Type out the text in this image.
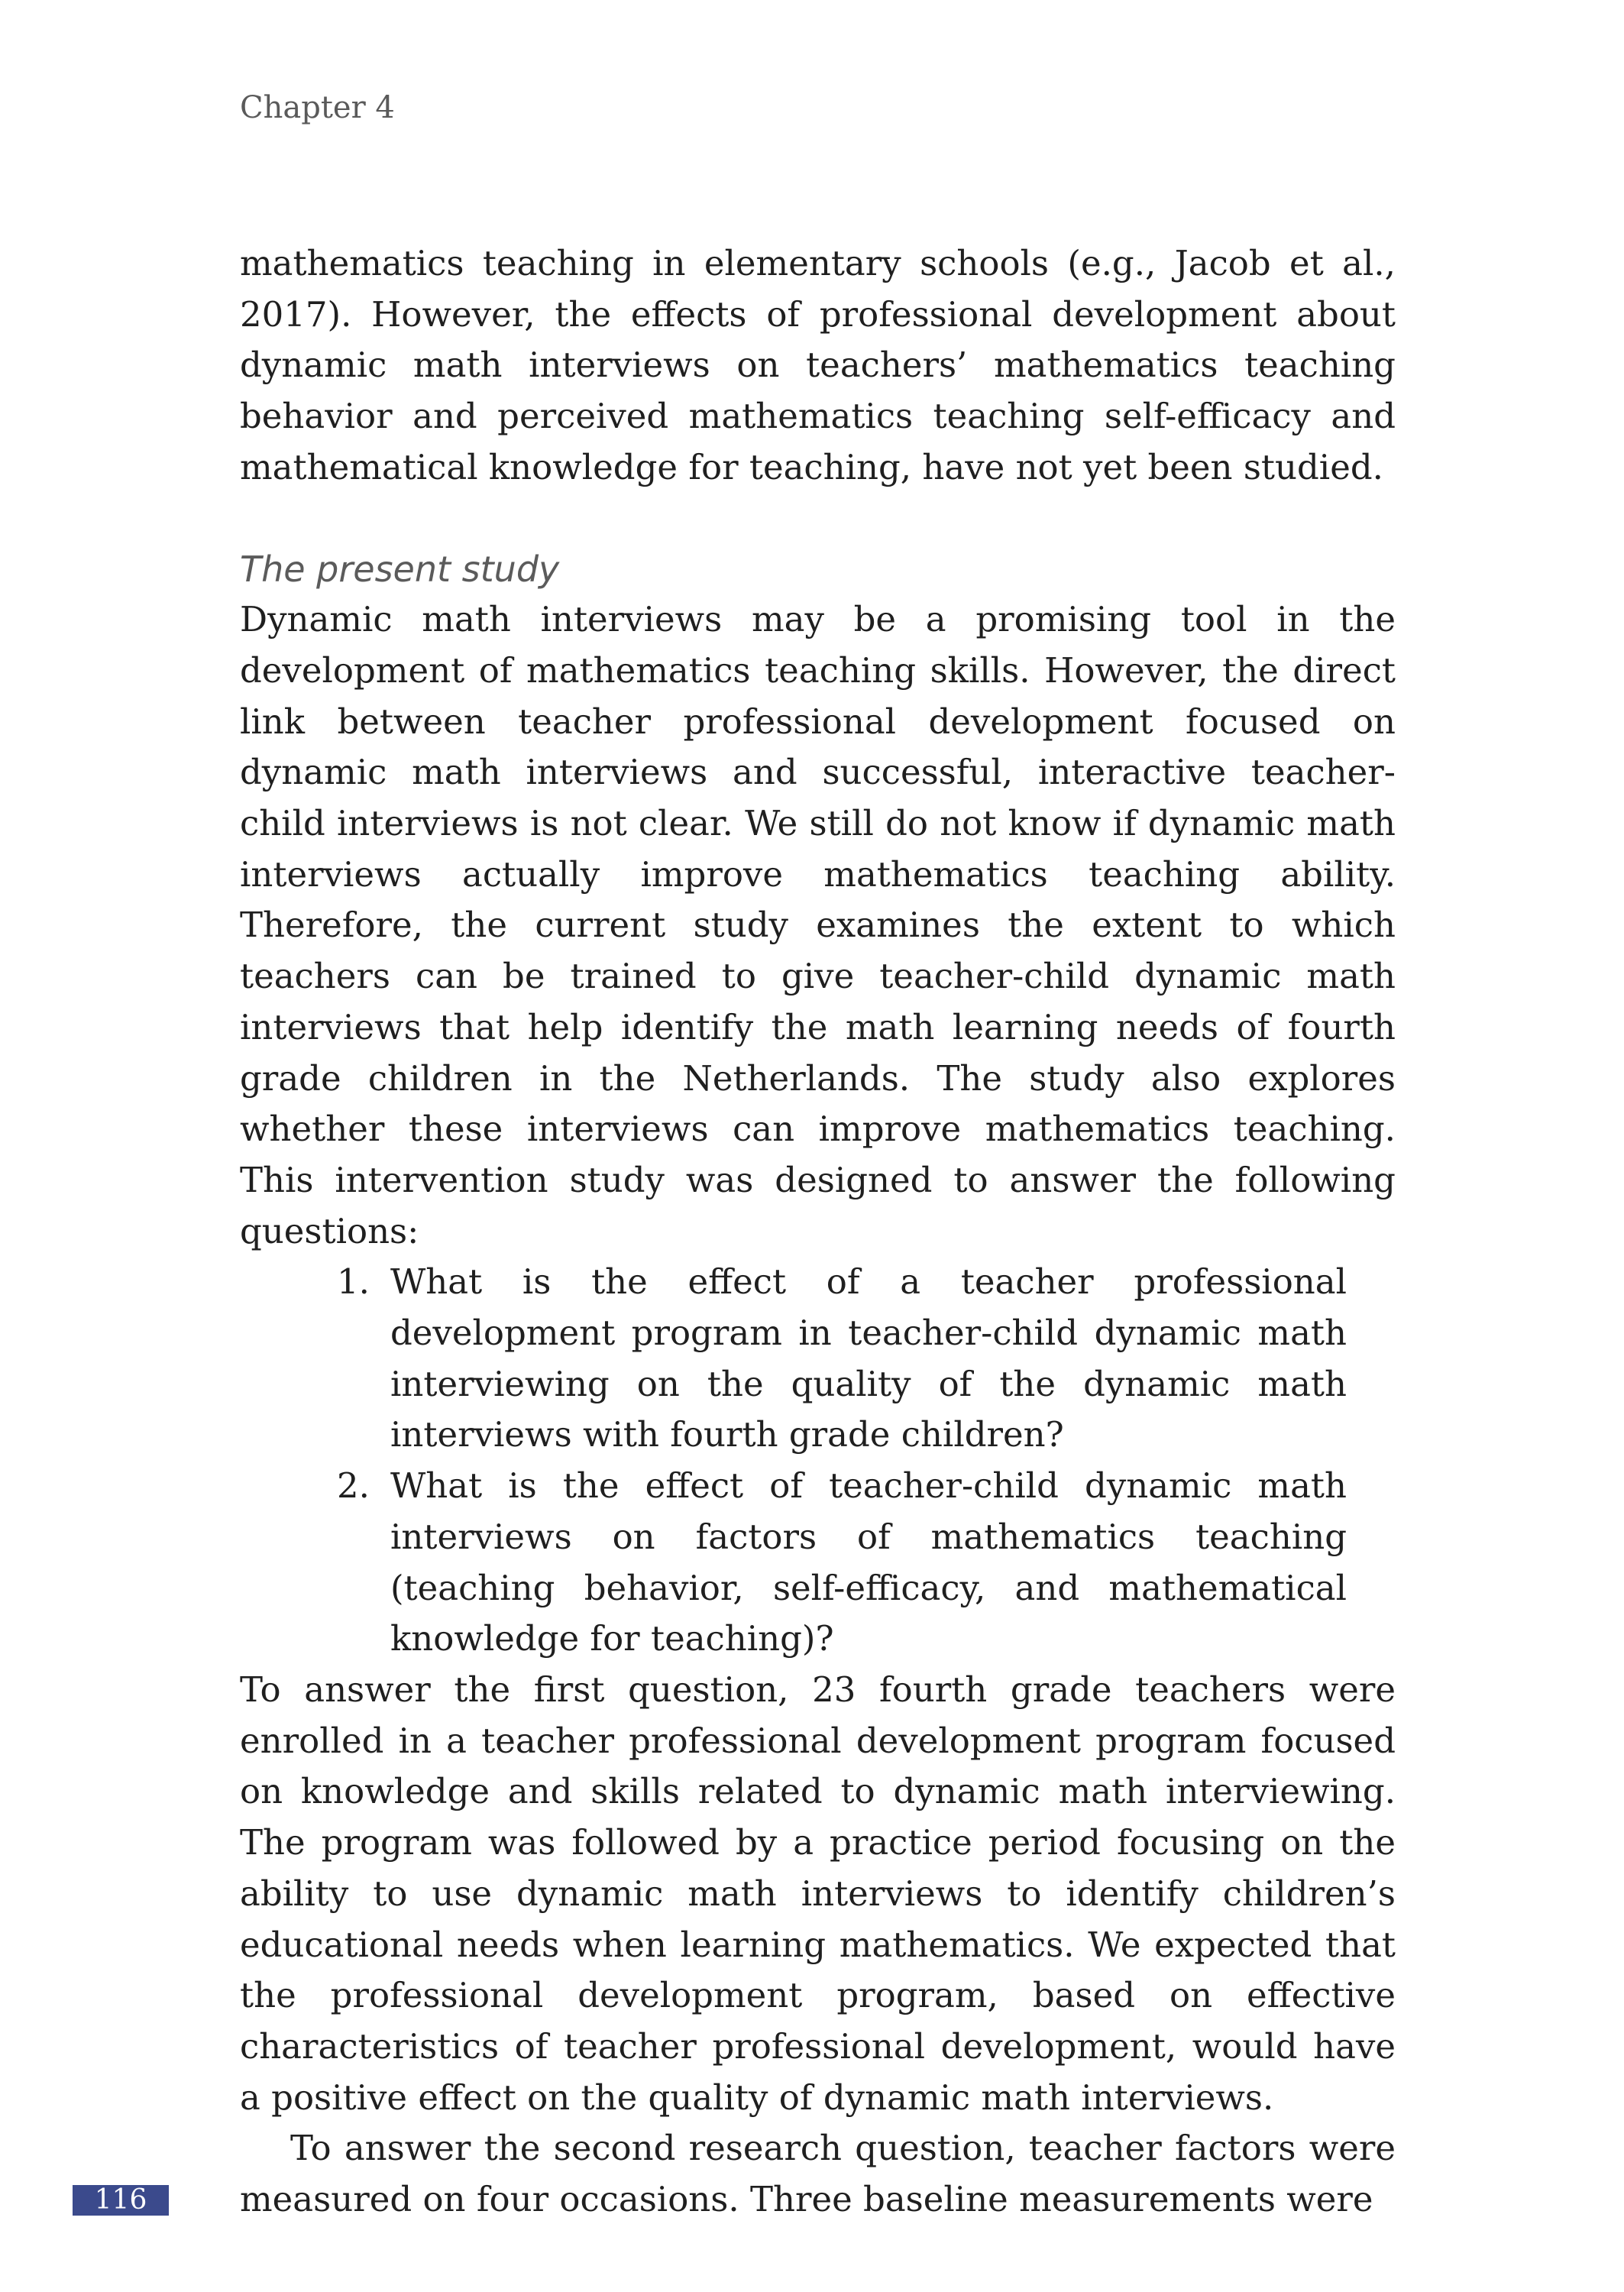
Chapter 4

mathematics teaching in elementary schools (e.g., Jacob et al., 2017). However, the effects of professional development about dynamic math interviews on teachers’ mathematics teaching behavior and perceived mathematics teaching self-efficacy and mathematical knowledge for teaching, have not yet been studied.

The present study

Dynamic math interviews may be a promising tool in the development of mathematics teaching skills. However, the direct link between teacher professional development focused on dynamic math interviews and successful, interactive teacher-child interviews is not clear. We still do not know if dynamic math interviews actually improve mathematics teaching ability. Therefore, the current study examines the extent to which teachers can be trained to give teacher-child dynamic math interviews that help identify the math learning needs of fourth grade children in the Netherlands. The study also explores whether these interviews can improve mathematics teaching. This intervention study was designed to answer the following questions:

1. What is the effect of a teacher professional development program in teacher-child dynamic math interviewing on the quality of the dynamic math interviews with fourth grade children?
2. What is the effect of teacher-child dynamic math interviews on factors of mathematics teaching (teaching behavior, self-efficacy, and mathematical knowledge for teaching)?

To answer the first question, 23 fourth grade teachers were enrolled in a teacher professional development program focused on knowledge and skills related to dynamic math interviewing. The program was followed by a practice period focusing on the ability to use dynamic math interviews to identify children’s educational needs when learning mathematics. We expected that the professional development program, based on effective characteristics of teacher professional development, would have a positive effect on the quality of dynamic math interviews.

To answer the second research question, teacher factors were measured on four occasions. Three baseline measurements were

116
